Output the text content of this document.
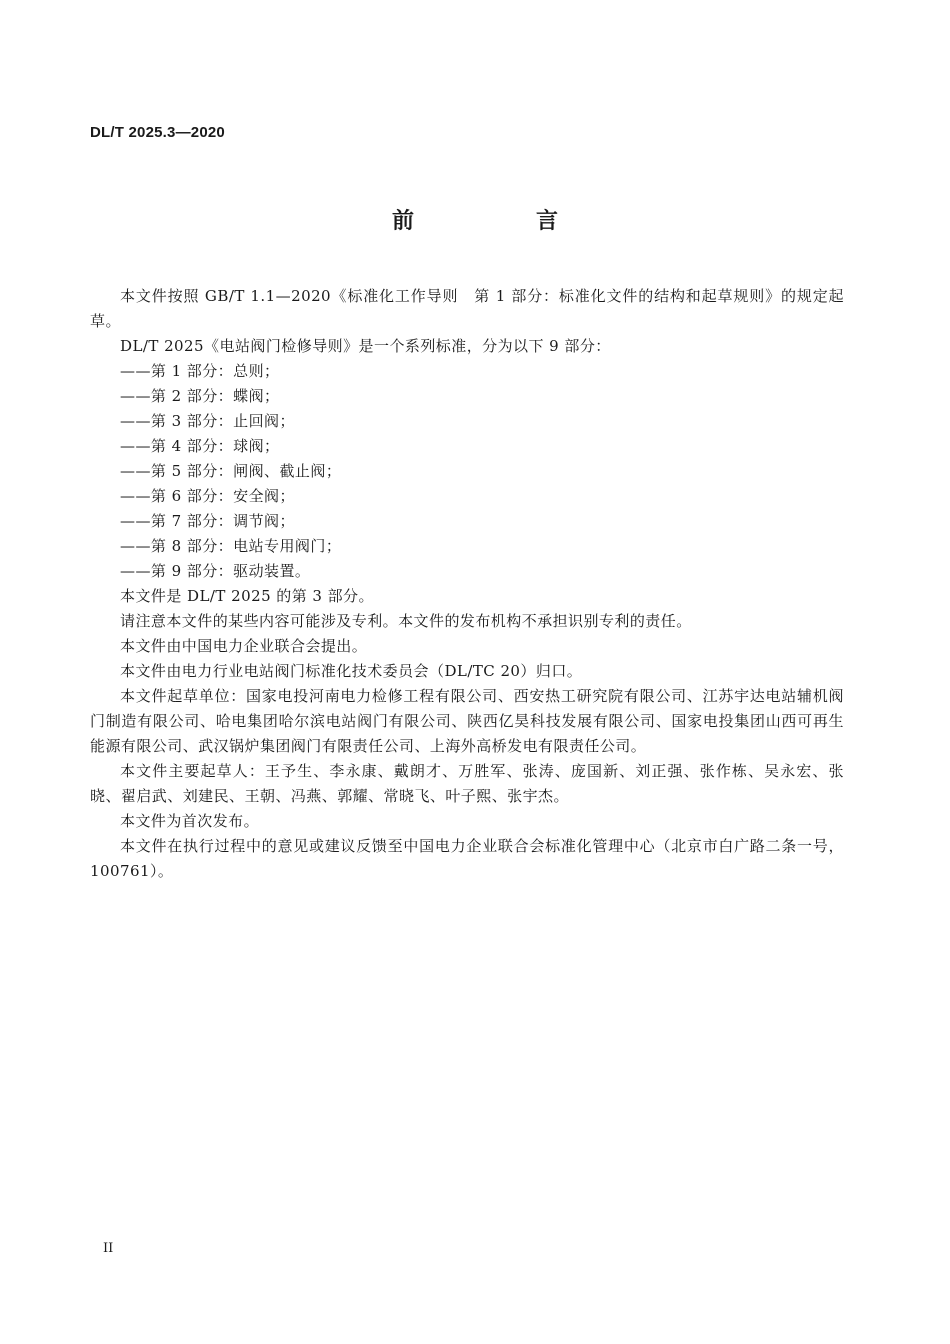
DL/T 2025.3—2020
前　言

本文件按照 GB/T 1.1—2020《标准化工作导则　第 1 部分：标准化文件的结构和起草规则》的规定起草。

DL/T 2025《电站阀门检修导则》是一个系列标准，分为以下 9 部分：

——第 1 部分：总则；
——第 2 部分：蝶阀；
——第 3 部分：止回阀；
——第 4 部分：球阀；
——第 5 部分：闸阀、截止阀；
——第 6 部分：安全阀；
——第 7 部分：调节阀；
——第 8 部分：电站专用阀门；
——第 9 部分：驱动装置。

本文件是 DL/T 2025 的第 3 部分。

请注意本文件的某些内容可能涉及专利。本文件的发布机构不承担识别专利的责任。

本文件由中国电力企业联合会提出。

本文件由电力行业电站阀门标准化技术委员会（DL/TC 20）归口。

本文件起草单位：国家电投河南电力检修工程有限公司、西安热工研究院有限公司、江苏宇达电站辅机阀门制造有限公司、哈电集团哈尔滨电站阀门有限公司、陕西亿昊科技发展有限公司、国家电投集团山西可再生能源有限公司、武汉锅炉集团阀门有限责任公司、上海外高桥发电有限责任公司。

本文件主要起草人：王予生、李永康、戴朗才、万胜军、张涛、庞国新、刘正强、张作栋、吴永宏、张晓、翟启武、刘建民、王朝、冯燕、郭耀、常晓飞、叶子熙、张宇杰。

本文件为首次发布。

本文件在执行过程中的意见或建议反馈至中国电力企业联合会标准化管理中心（北京市白广路二条一号，100761）。

II
